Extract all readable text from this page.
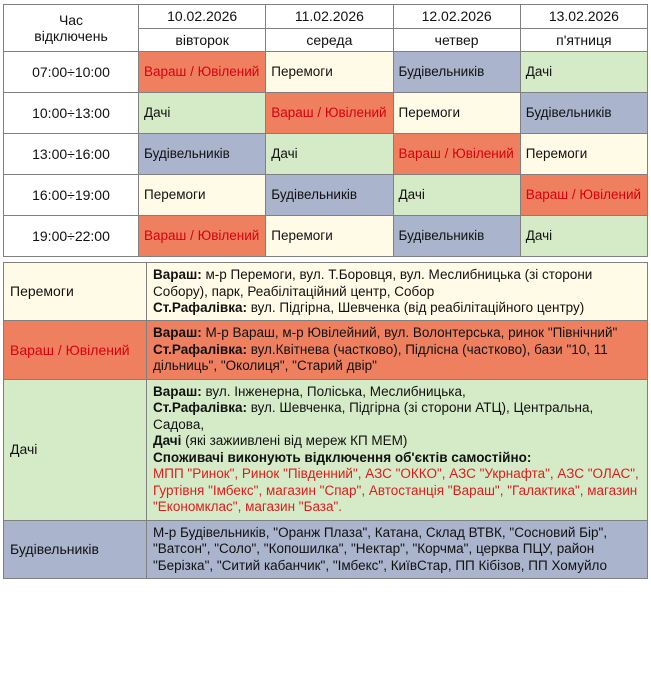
Час
відключень	10.02.2026	11.02.2026	12.02.2026	13.02.2026
	вівторок	середа	четвер	п'ятниця
07:00÷10:00	Вараш / Ювілений	Перемоги	Будівельників	Дачі
10:00÷13:00	Дачі	Вараш / Ювілений	Перемоги	Будівельників
13:00÷16:00	Будівельників	Дачі	Вараш / Ювілений	Перемоги
16:00÷19:00	Перемоги	Будівельників	Дачі	Вараш / Ювілений
19:00÷22:00	Вараш / Ювілений	Перемоги	Будівельників	Дачі
Перемоги	Вараш: м-р Перемоги, вул. Т.Боровця, вул. Меслибницька (зі сторони Собору), парк, Реабілітаційний центр, Собор

Ст.Рафалівка: вул. Підгірна, Шевченка (від реабілітаційного центру)

Вараш / Ювілений	Вараш: М-р Вараш, м-р Ювілейний, вул. Волонтерська, ринок "Північний"

Ст.Рафалівка: вул.Квітнева (частково), Підлісна (частково), бази "10, 11 дільниць", "Околиця", "Старий двір"

Дачі	Вараш: вул. Інженерна, Поліська, Меслибницька,

Ст.Рафалівка: вул. Шевченка, Підгірна (зі сторони АТЦ), Центральна, Садова,

Дачі (які зажиивлені від мереж КП МЕМ)

Споживачі виконують відключення об'єктів самостійно:

МПП "Ринок", Ринок "Південний", АЗС "ОККО", АЗС "Укрнафта", АЗС "ОЛАС", Гуртівня "Імбекс", магазин "Спар", Автостанція "Вараш", "Галактика", магазин "Економклас", магазин "База".

Будівельників	М-р Будівельників, "Оранж Плаза", Катана, Склад ВТВК, "Сосновий Бір", "Ватсон", "Соло", "Копошилка", "Нектар", "Корчма", церква ПЦУ, район "Берізка", "Ситий кабанчик", "Імбекс", КиївСтар, ПП Кібізов, ПП Хомуйло
